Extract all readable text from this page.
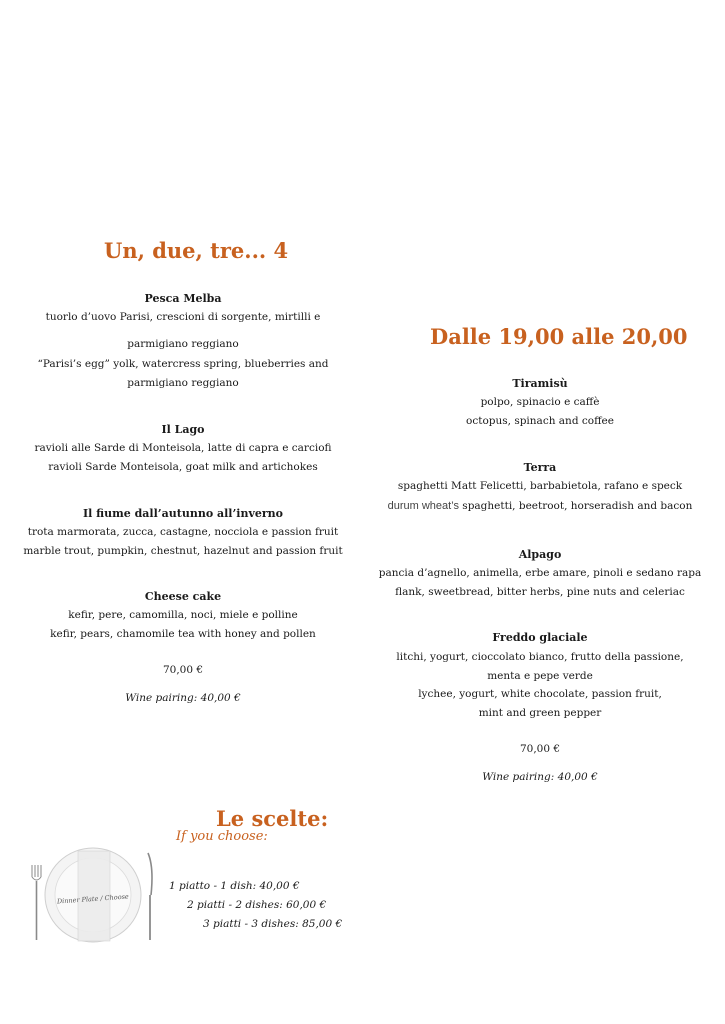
Un, due, tre... 4
Pesca Melba
tuorlo d’uovo Parisi, crescioni di sorgente, mirtilli e
parmigiano reggiano
“Parisi’s egg” yolk, watercress spring, blueberries and
parmigiano reggiano
Il Lago
ravioli alle Sarde di Monteisola, latte di capra e carciofi
ravioli Sarde Monteisola, goat milk and artichokes
Il fiume dall’autunno all’inverno
trota marmorata, zucca, castagne, nocciola e passion fruit
marble trout, pumpkin, chestnut, hazelnut and passion fruit
Cheese cake
kefir, pere, camomilla, noci, miele e polline
kefir, pears, chamomile tea with honey and pollen
70,00 €
Wine pairing: 40,00 €
Dalle 19,00 alle 20,00
Tiramisù
polpo, spinacio e caffè
octopus, spinach and coffee
Terra
spaghetti Matt Felicetti, barbabietola, rafano e speck
durum wheat’s spaghetti, beetroot, horseradish and bacon
Alpago
pancia d’agnello, animella, erbe amare, pinoli e sedano rapa
flank, sweetbread, bitter herbs, pine nuts and celeriac
Freddo glaciale
litchi, yogurt, cioccolato bianco, frutto della passione,
menta e pepe verde
lychee, yogurt, white chocolate, passion fruit,
mint and green pepper
70,00 €
Wine pairing: 40,00 €
Le scelte:
If you choose:
Dinner Plate / Choose
1 piatto - 1 dish: 40,00 €
2 piatti - 2 dishes: 60,00 €
3 piatti - 3 dishes: 85,00 €
